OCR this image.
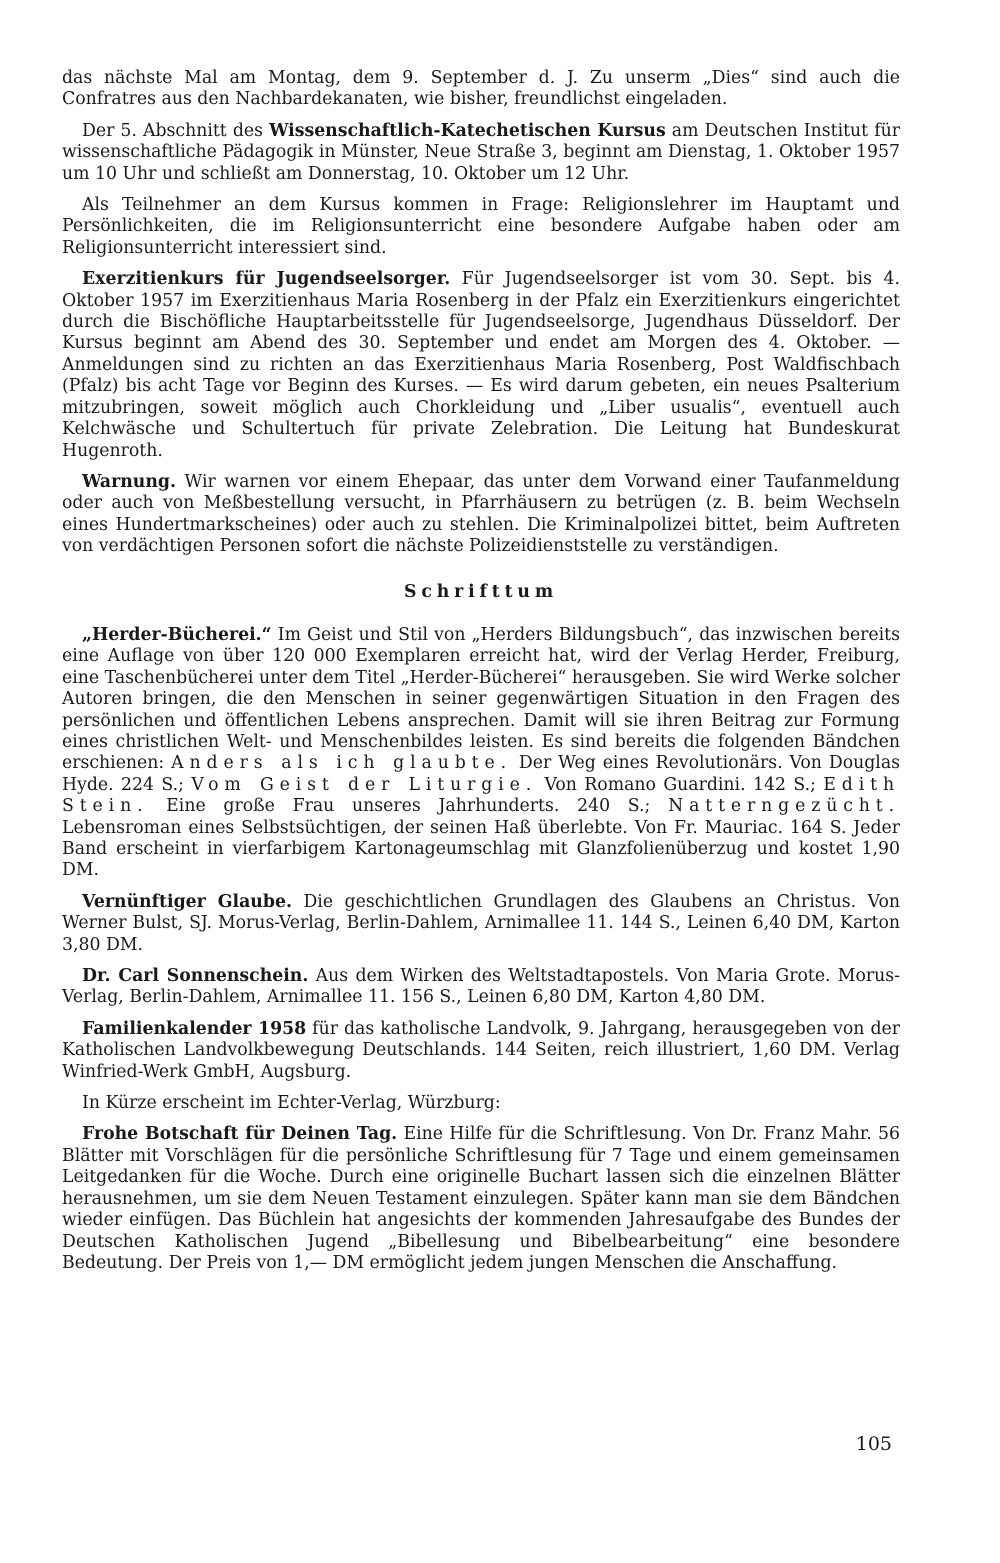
das nächste Mal am Montag, dem 9. September d. J. Zu unserm „Dies“ sind auch die Confratres aus den Nachbardekanaten, wie bisher, freundlichst eingeladen.

Der 5. Abschnitt des Wissenschaftlich-Katechetischen Kursus am Deutschen Institut für wissenschaftliche Pädagogik in Münster, Neue Straße 3, beginnt am Dienstag, 1. Oktober 1957 um 10 Uhr und schließt am Donnerstag, 10. Oktober um 12 Uhr.

Als Teilnehmer an dem Kursus kommen in Frage: Religionslehrer im Hauptamt und Persönlichkeiten, die im Religionsunterricht eine besondere Aufgabe haben oder am Religionsunterricht interessiert sind.

Exerzitienkurs für Jugendseelsorger. Für Jugendseelsorger ist vom 30. Sept. bis 4. Oktober 1957 im Exerzitienhaus Maria Rosenberg in der Pfalz ein Exerzitienkurs eingerichtet durch die Bischöfliche Hauptarbeitsstelle für Jugendseelsorge, Jugendhaus Düsseldorf. Der Kursus beginnt am Abend des 30. September und endet am Morgen des 4. Oktober. — Anmeldungen sind zu richten an das Exerzitienhaus Maria Rosenberg, Post Waldfischbach (Pfalz) bis acht Tage vor Beginn des Kurses. — Es wird darum gebeten, ein neues Psalterium mitzubringen, soweit möglich auch Chorkleidung und „Liber usualis“, eventuell auch Kelchwäsche und Schultertuch für private Zelebration. Die Leitung hat Bundeskurat Hugenroth.

Warnung. Wir warnen vor einem Ehepaar, das unter dem Vorwand einer Taufanmeldung oder auch von Meßbestellung versucht, in Pfarrhäusern zu betrügen (z. B. beim Wechseln eines Hundertmarkscheines) oder auch zu stehlen. Die Kriminalpolizei bittet, beim Auftreten von verdächtigen Personen sofort die nächste Polizeidienststelle zu verständigen.

Schrifttum

„Herder-Bücherei.“ Im Geist und Stil von „Herders Bildungsbuch“, das inzwischen bereits eine Auflage von über 120 000 Exemplaren erreicht hat, wird der Verlag Herder, Freiburg, eine Taschenbücherei unter dem Titel „Herder-Bücherei“ herausgeben. Sie wird Werke solcher Autoren bringen, die den Menschen in seiner gegenwärtigen Situation in den Fragen des persönlichen und öffentlichen Lebens ansprechen. Damit will sie ihren Beitrag zur Formung eines christlichen Welt- und Menschenbildes leisten. Es sind bereits die folgenden Bändchen erschienen: Anders als ich glaubte. Der Weg eines Revolutionärs. Von Douglas Hyde. 224 S.; Vom Geist der Liturgie. Von Romano Guardini. 142 S.; Edith Stein. Eine große Frau unseres Jahrhunderts. 240 S.; Natterngezücht. Lebensroman eines Selbstsüchtigen, der seinen Haß überlebte. Von Fr. Mauriac. 164 S. Jeder Band erscheint in vierfarbigem Kartonageumschlag mit Glanzfolienüberzug und kostet 1,90 DM.

Vernünftiger Glaube. Die geschichtlichen Grundlagen des Glaubens an Christus. Von Werner Bulst, SJ. Morus-Verlag, Berlin-Dahlem, Arnimallee 11. 144 S., Leinen 6,40 DM, Karton 3,80 DM.

Dr. Carl Sonnenschein. Aus dem Wirken des Weltstadtapostels. Von Maria Grote. Morus-Verlag, Berlin-Dahlem, Arnimallee 11. 156 S., Leinen 6,80 DM, Karton 4,80 DM.

Familienkalender 1958 für das katholische Landvolk, 9. Jahrgang, herausgegeben von der Katholischen Landvolkbewegung Deutschlands. 144 Seiten, reich illustriert, 1,60 DM. Verlag Winfried-Werk GmbH, Augsburg.

In Kürze erscheint im Echter-Verlag, Würzburg:

Frohe Botschaft für Deinen Tag. Eine Hilfe für die Schriftlesung. Von Dr. Franz Mahr. 56 Blätter mit Vorschlägen für die persönliche Schriftlesung für 7 Tage und einem gemeinsamen Leitgedanken für die Woche. Durch eine originelle Buchart lassen sich die einzelnen Blätter herausnehmen, um sie dem Neuen Testament einzulegen. Später kann man sie dem Bändchen wieder einfügen. Das Büchlein hat angesichts der kommenden Jahresaufgabe des Bundes der Deutschen Katholischen Jugend „Bibellesung und Bibelbearbeitung“ eine besondere Bedeutung. Der Preis von 1,— DM ermöglicht jedem jungen Menschen die Anschaffung.

105
